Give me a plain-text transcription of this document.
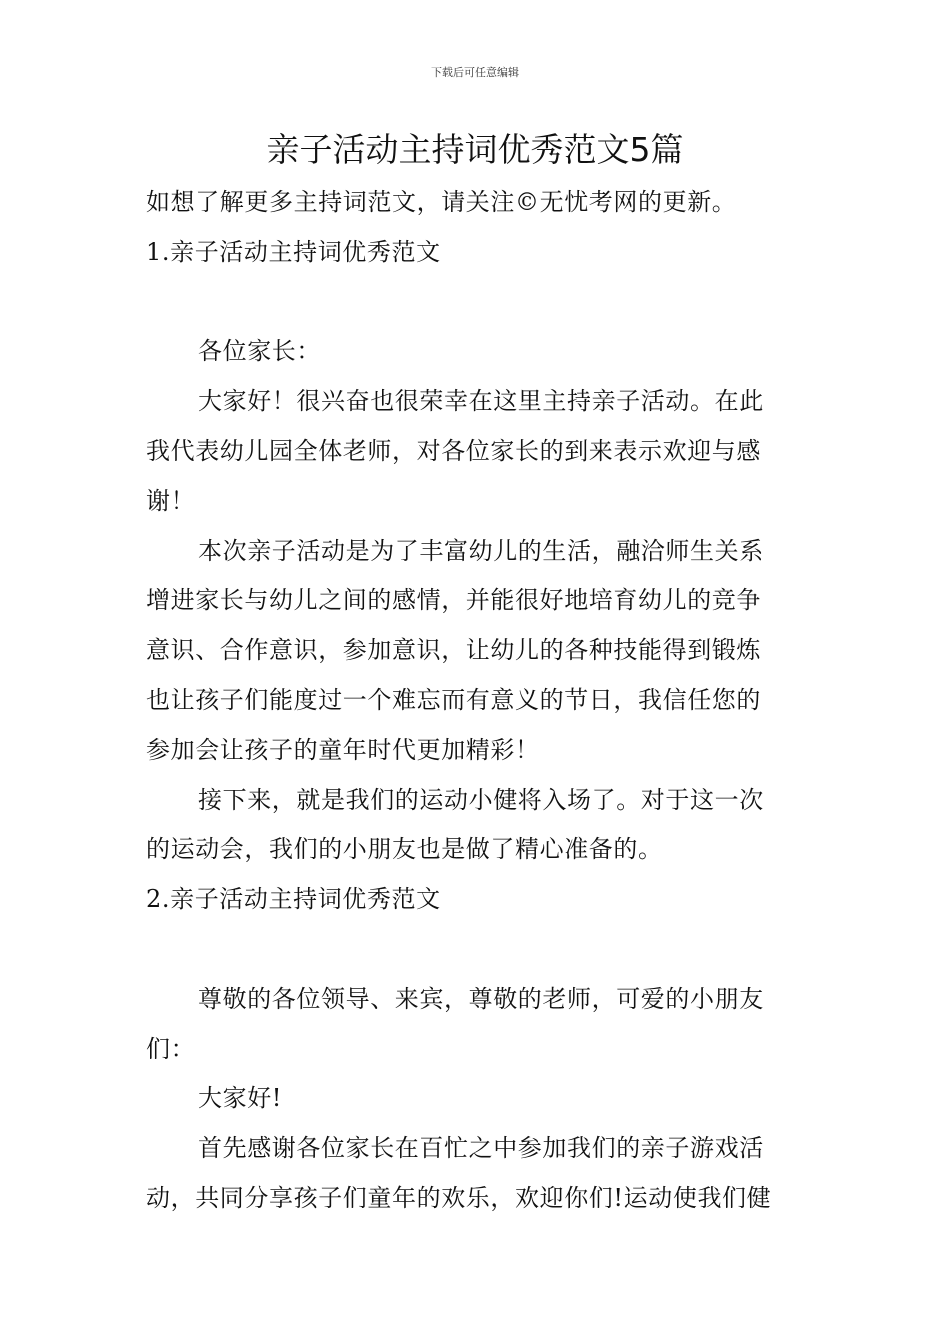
下载后可任意编辑
亲子活动主持词优秀范文5篇
如想了解更多主持词范文，请关注©无忧考网的更新。
1.亲子活动主持词优秀范文
各位家长：
大家好！很兴奋也很荣幸在这里主持亲子活动。在此
我代表幼儿园全体老师，对各位家长的到来表示欢迎与感
谢！
本次亲子活动是为了丰富幼儿的生活，融洽师生关系
增进家长与幼儿之间的感情，并能很好地培育幼儿的竞争
意识、合作意识，参加意识，让幼儿的各种技能得到锻炼
也让孩子们能度过一个难忘而有意义的节日，我信任您的
参加会让孩子的童年时代更加精彩！
接下来，就是我们的运动小健将入场了。对于这一次
的运动会，我们的小朋友也是做了精心准备的。
2.亲子活动主持词优秀范文
尊敬的各位领导、来宾，尊敬的老师，可爱的小朋友
们：
大家好!
首先感谢各位家长在百忙之中参加我们的亲子游戏活
动，共同分享孩子们童年的欢乐，欢迎你们!运动使我们健
